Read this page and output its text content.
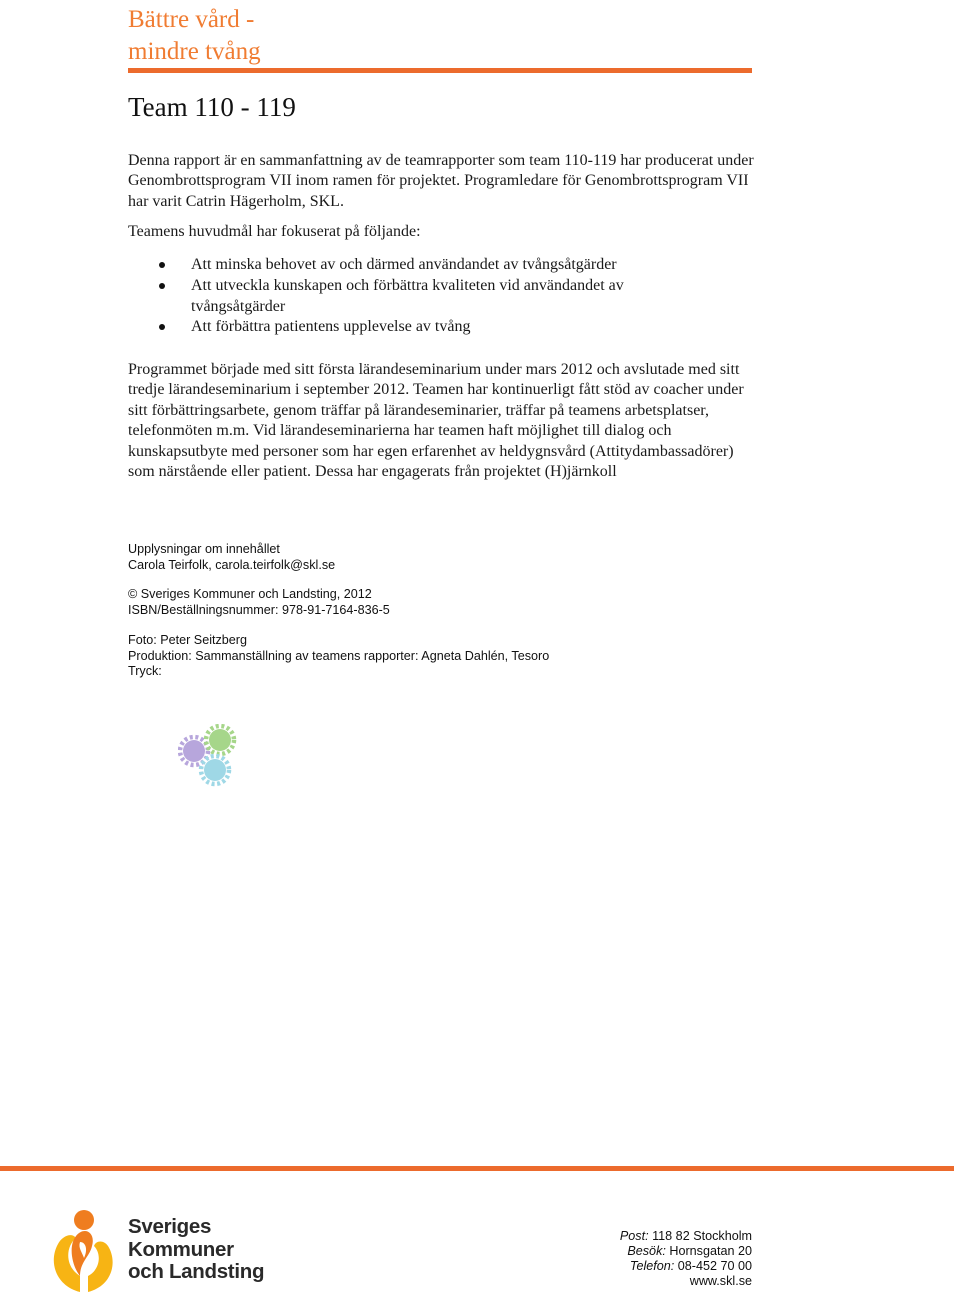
Bättre vård -
mindre tvång
Team 110 - 119

Denna rapport är en sammanfattning av de teamrapporter som team 110-119 har producerat under Genombrottsprogram VII inom ramen för projektet. Programledare för Genombrottsprogram VII har varit Catrin Hägerholm, SKL.

Teamens huvudmål har fokuserat på följande:

Att minska behovet av och därmed användandet av tvångsåtgärder
Att utveckla kunskapen och förbättra kvaliteten vid användandet av tvångsåtgärder
Att förbättra patientens upplevelse av tvång

Programmet började med sitt första lärandeseminarium under mars 2012 och avslutade med sitt tredje lärandeseminarium i september 2012. Teamen har kontinuerligt fått stöd av coacher under sitt förbättringsarbete, genom träffar på lärandeseminarier, träffar på teamens arbetsplatser, telefonmöten m.m. Vid lärandeseminarierna har teamen haft möjlighet till dialog och kunskapsutbyte med personer som har egen erfarenhet av heldygnsvård (Attitydambassadörer) som närstående eller patient. Dessa har engagerats från projektet (H)järnkoll

Upplysningar om innehållet
Carola Teirfolk, carola.teirfolk@skl.se
© Sveriges Kommuner och Landsting, 2012
ISBN/Beställningsnummer: 978-91-7164-836-5
Foto: Peter Seitzberg
Produktion: Sammanställning av teamens rapporter: Agneta Dahlén, Tesoro
Tryck:
Sveriges
Kommuner
och Landsting
Post: 118 82 Stockholm
Besök: Hornsgatan 20
Telefon: 08-452 70 00
www.skl.se
